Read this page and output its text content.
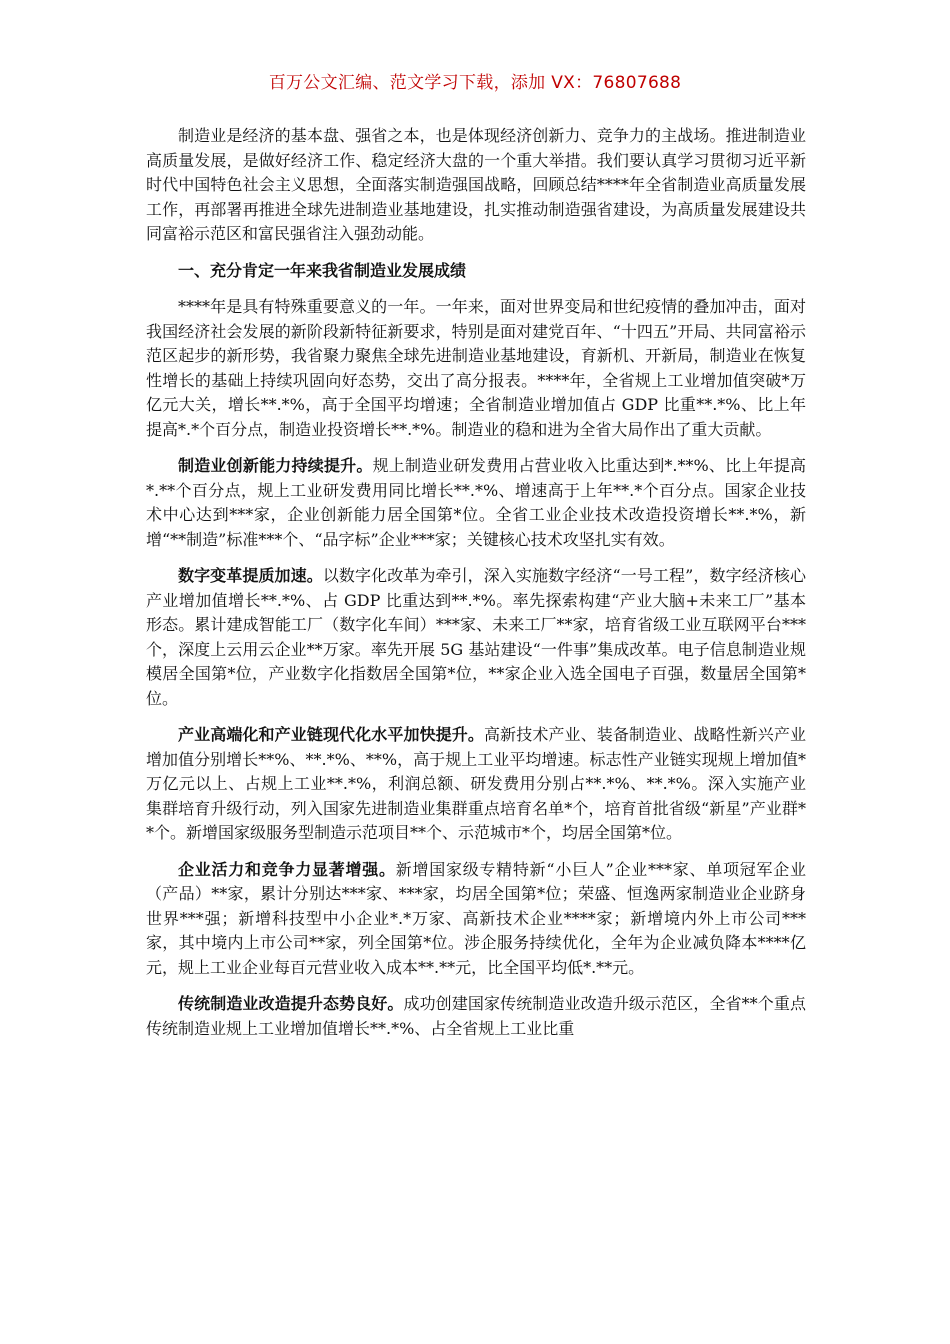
百万公文汇编、范文学习下载，添加 VX：76807688

制造业是经济的基本盘、强省之本，也是体现经济创新力、竞争力的主战场。推进制造业高质量发展，是做好经济工作、稳定经济大盘的一个重大举措。我们要认真学习贯彻习近平新时代中国特色社会主义思想，全面落实制造强国战略，回顾总结****年全省制造业高质量发展工作，再部署再推进全球先进制造业基地建设，扎实推动制造强省建设，为高质量发展建设共同富裕示范区和富民强省注入强劲动能。

一、充分肯定一年来我省制造业发展成绩

****年是具有特殊重要意义的一年。一年来，面对世界变局和世纪疫情的叠加冲击，面对我国经济社会发展的新阶段新特征新要求，特别是面对建党百年、“十四五”开局、共同富裕示范区起步的新形势，我省聚力聚焦全球先进制造业基地建设，育新机、开新局，制造业在恢复性增长的基础上持续巩固向好态势，交出了高分报表。****年，全省规上工业增加值突破*万亿元大关，增长**.*%，高于全国平均增速；全省制造业增加值占 GDP 比重**.*%、比上年提高*.*个百分点，制造业投资增长**.*%。制造业的稳和进为全省大局作出了重大贡献。

制造业创新能力持续提升。规上制造业研发费用占营业收入比重达到*.**%、比上年提高*.**个百分点，规上工业研发费用同比增长**.*%、增速高于上年**.*个百分点。国家企业技术中心达到***家，企业创新能力居全国第*位。全省工业企业技术改造投资增长**.*%，新增“**制造”标准***个、“品字标”企业***家；关键核心技术攻坚扎实有效。

数字变革提质加速。以数字化改革为牵引，深入实施数字经济“一号工程”，数字经济核心产业增加值增长**.*%、占 GDP 比重达到**.*%。率先探索构建“产业大脑+未来工厂”基本形态。累计建成智能工厂（数字化车间）***家、未来工厂**家，培育省级工业互联网平台***个，深度上云用云企业**万家。率先开展 5G 基站建设“一件事”集成改革。电子信息制造业规模居全国第*位，产业数字化指数居全国第*位，**家企业入选全国电子百强，数量居全国第*位。

产业高端化和产业链现代化水平加快提升。高新技术产业、装备制造业、战略性新兴产业增加值分别增长**%、**.*%、**%，高于规上工业平均增速。标志性产业链实现规上增加值*万亿元以上、占规上工业**.*%，利润总额、研发费用分别占**.*%、**.*%。深入实施产业集群培育升级行动，列入国家先进制造业集群重点培育名单*个，培育首批省级“新星”产业群**个。新增国家级服务型制造示范项目**个、示范城市*个，均居全国第*位。

企业活力和竞争力显著增强。新增国家级专精特新“小巨人”企业***家、单项冠军企业（产品）**家，累计分别达***家、***家，均居全国第*位；荣盛、恒逸两家制造业企业跻身世界***强；新增科技型中小企业*.*万家、高新技术企业****家；新增境内外上市公司***家，其中境内上市公司**家，列全国第*位。涉企服务持续优化，全年为企业减负降本****亿元，规上工业企业每百元营业收入成本**.**元，比全国平均低*.**元。

传统制造业改造提升态势良好。成功创建国家传统制造业改造升级示范区，全省**个重点传统制造业规上工业增加值增长**.*%、占全省规上工业比重
